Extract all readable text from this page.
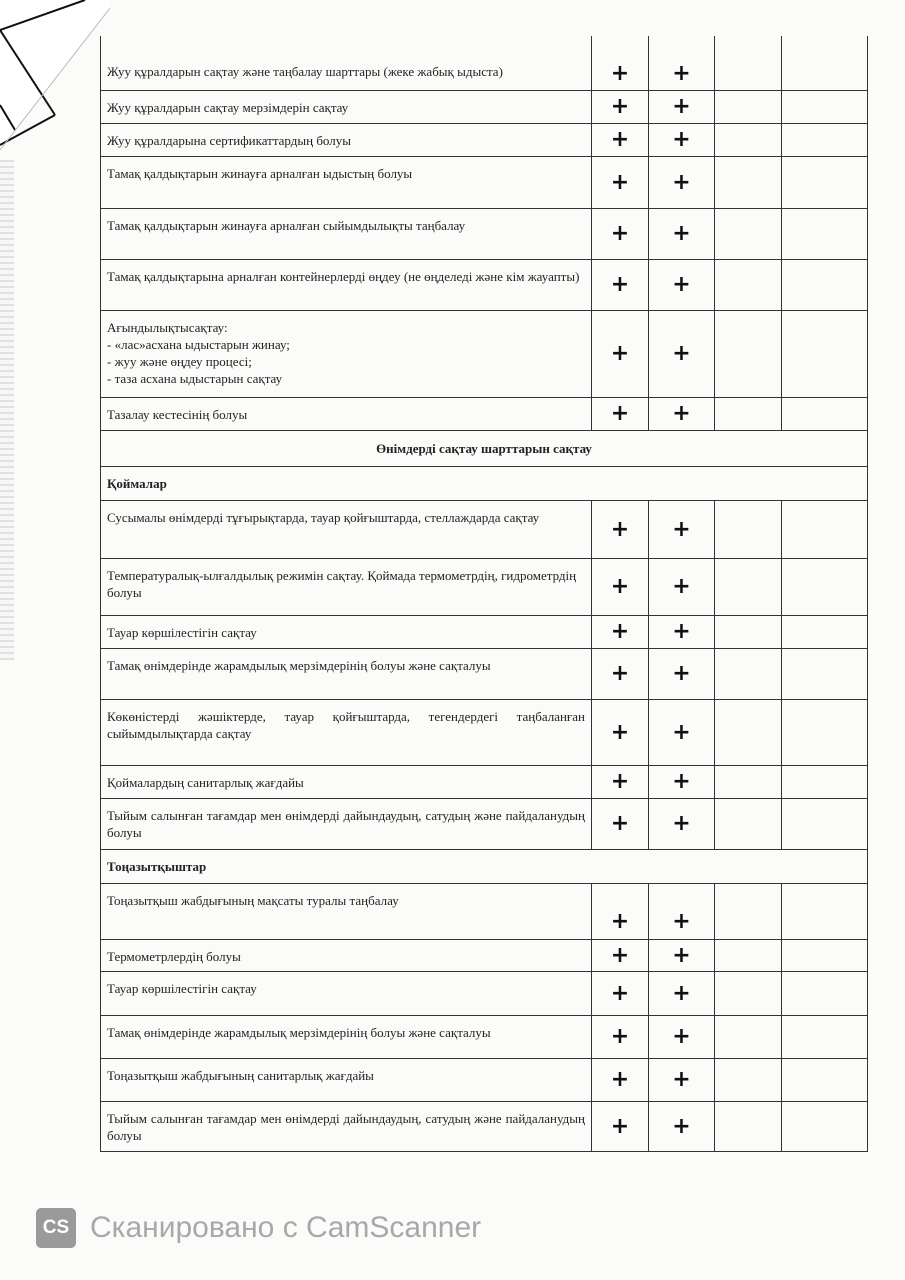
Жуу құралдарын сақтау және таңбалау шарттары (жеке жабық ыдыста)	+	+		
Жуу құралдарын сақтау мерзімдерін сақтау	+	+		
Жуу құралдарына сертификаттардың болуы	+	+		
Тамақ қалдықтарын жинауға арналған ыдыстың болуы	+	+		
Тамақ қалдықтарын жинауға арналған сыйымдылықты таңбалау	+	+		
Тамақ қалдықтарына арналған контейнерлерді өңдеу (не өңделеді және кім жауапты)	+	+		
Ағындылықтысақтау:
- «лас»асхана ыдыстарын жинау;
- жуу және өңдеу процесі;
- таза асхана ыдыстарын сақтау	+	+		
Тазалау кестесінің болуы	+	+		
Өнімдерді сақтау шарттарын сақтау				
Қоймалар				
Сусымалы өнімдерді тұғырықтарда, тауар қойғыштарда, стеллаждарда сақтау	+	+		
Температуралық-ылғалдылық режимін сақтау. Қоймада термометрдің, гидрометрдің болуы	+	+		
Тауар көршілестігін сақтау	+	+		
Тамақ өнімдерінде жарамдылық мерзімдерінің болуы және сақталуы	+	+		
Көкөністерді жәшіктерде, тауар қойғыштарда, тегендердегі таңбаланған сыйымдылықтарда сақтау	+	+		
Қоймалардың санитарлық жағдайы	+	+		
Тыйым салынған тағамдар мен өнімдерді дайындаудың, сатудың және пайдаланудың болуы	+	+		
Тоңазытқыштар				
Тоңазытқыш жабдығының мақсаты туралы таңбалау	+	+		
Термометрлердің болуы	+	+		
Тауар көршілестігін сақтау	+	+		
Тамақ өнімдерінде жарамдылық мерзімдерінің болуы және сақталуы	+	+		
Тоңазытқыш жабдығының санитарлық жағдайы	+	+		
Тыйым салынған тағамдар мен өнімдерді дайындаудың, сатудың және пайдаланудың болуы	+	+		
CS Сканировано с CamScanner
